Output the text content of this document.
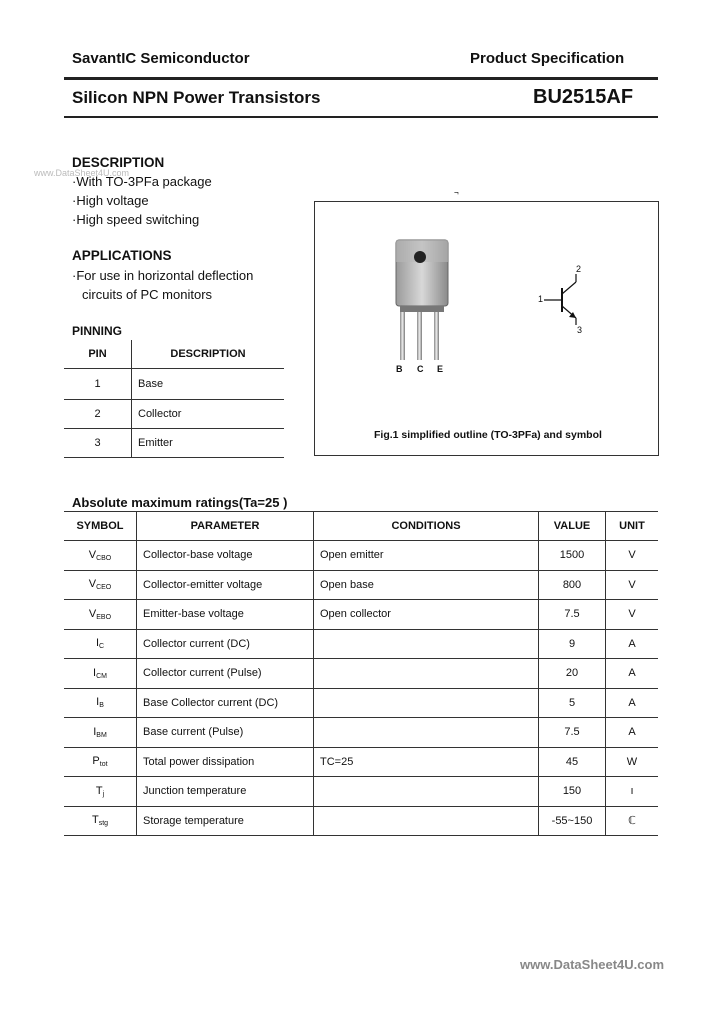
SavantIC Semiconductor	Product Specification
Silicon NPN Power Transistors	BU2515AF
www.DataSheet4U.com
DESCRIPTION
·With TO-3PFa package
·High voltage
·High speed switching
APPLICATIONS
·For use in horizontal deflection
circuits of PC monitors
PINNING
PIN	DESCRIPTION
1	Base
2	Collector
3	Emitter
¬
B C E
1
2
3
Fig.1 simplified outline (TO-3PFa) and symbol
Absolute maximum ratings(Ta=25 )
SYMBOL	PARAMETER	CONDITIONS	VALUE	UNIT
$V_{CBO}$	Collector-base voltage	Open emitter	1500	V
$V_{CEO}$	Collector-emitter voltage	Open base	800	V
$V_{EBO}$	Emitter-base voltage	Open collector	7.5	V
$I_C$	Collector current (DC)		9	A
$I_{CM}$	Collector current (Pulse)		20	A
$I_B$	Base Collector current (DC)		5	A
$I_{BM}$	Base current (Pulse)		7.5	A
$P_{tot}$	Total power dissipation	TC=25	45	W
$T_j$	Junction temperature		150	ı
$T_{stg}$	Storage temperature		-55~150	ℂ
www.DataSheet4U.com
